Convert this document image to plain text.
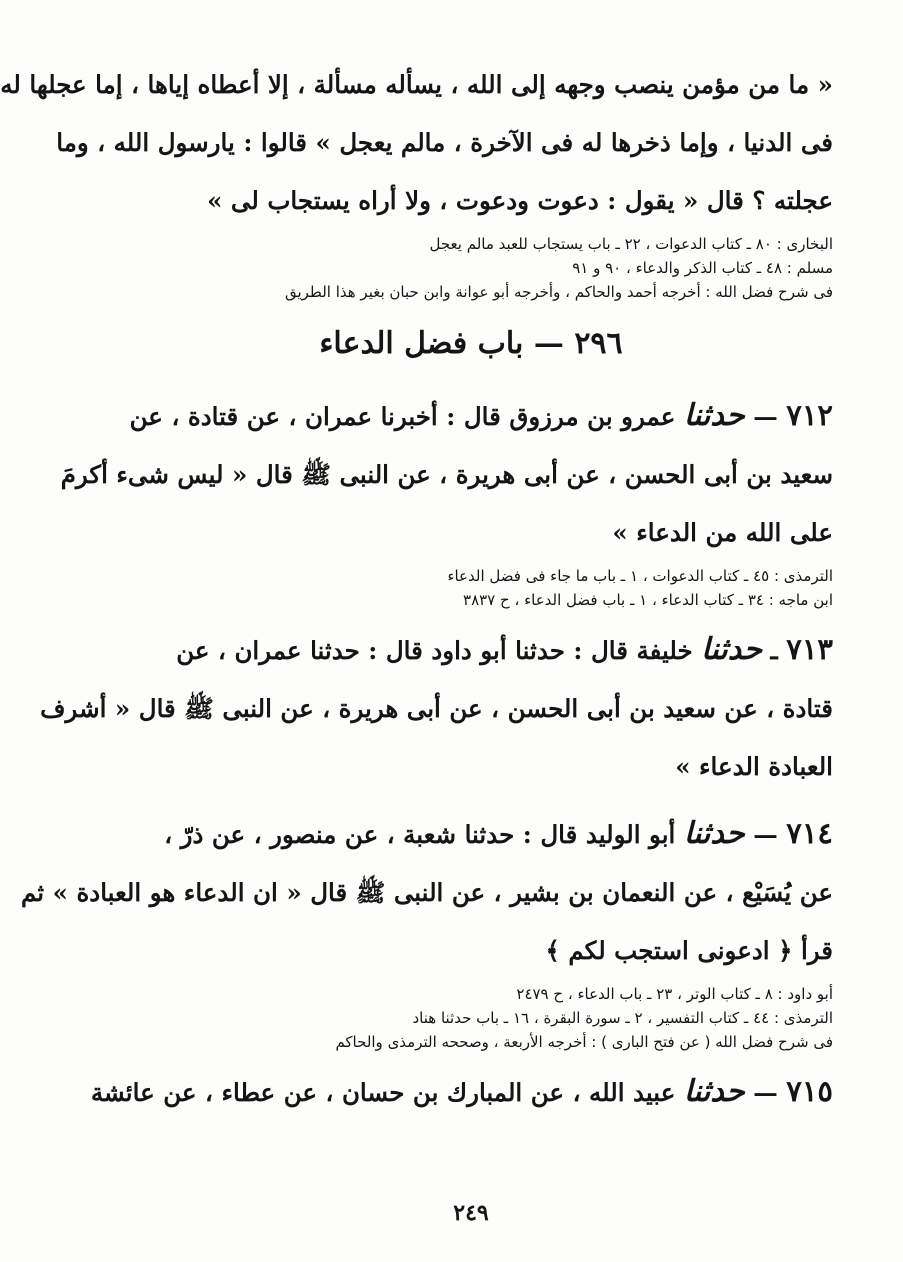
« ما من مؤمن ينصب وجهه إلى الله ، يسأله مسألة ، إلا أعطاه إياها ، إما عجلها له
فى الدنيا ، وإما ذخرها له فى الآخرة ، مالم يعجل » قالوا : يارسول الله ، وما
عجلته ؟ قال « يقول : دعوت ودعوت ، ولا أراه يستجاب لى »
البخارى : ٨٠ ـ كتاب الدعوات ، ٢٢ ـ باب يستجاب للعبد مالم يعجل
مسلم : ٤٨ ـ كتاب الذكر والدعاء ، ٩٠ و ٩١
فى شرح فضل الله : أخرجه أحمد والحاكم ، وأخرجه أبو عوانة وابن حبان بغير هذا الطريق
٢٩٦ — باب فضل الدعاء
٧١٢ — حدثنا عمرو بن مرزوق قال : أخبرنا عمران ، عن قتادة ، عن
سعيد بن أبى الحسن ، عن أبى هريرة ، عن النبى ﷺ قال « ليس شىء أكرمَ
على الله من الدعاء »
الترمذى : ٤٥ ـ كتاب الدعوات ، ١ ـ باب ما جاء فى فضل الدعاء
ابن ماجه : ٣٤ ـ كتاب الدعاء ، ١ ـ باب فضل الدعاء ، ح ٣٨٣٧
٧١٣ ـ حدثنا خليفة قال : حدثنا أبو داود قال : حدثنا عمران ، عن
قتادة ، عن سعيد بن أبى الحسن ، عن أبى هريرة ، عن النبى ﷺ قال « أشرف
العبادة الدعاء »
٧١٤ — حدثنا أبو الوليد قال : حدثنا شعبة ، عن منصور ، عن ذرّ ،
عن يُسَيْع ، عن النعمان بن بشير ، عن النبى ﷺ قال « ان الدعاء هو العبادة » ثم
قرأ ﴿ ادعونى استجب لكم ﴾
أبو داود : ٨ ـ كتاب الوتر ، ٢٣ ـ باب الدعاء ، ح ٢٤٧٩
الترمذى : ٤٤ ـ كتاب التفسير ، ٢ ـ سورة البقرة ، ١٦ ـ باب حدثنا هناد
فى شرح فضل الله ( عن فتح البارى ) : أخرجه الأربعة ، وصححه الترمذى والحاكم
٧١٥ — حدثنا عبيد الله ، عن المبارك بن حسان ، عن عطاء ، عن عائشة
٢٤٩
